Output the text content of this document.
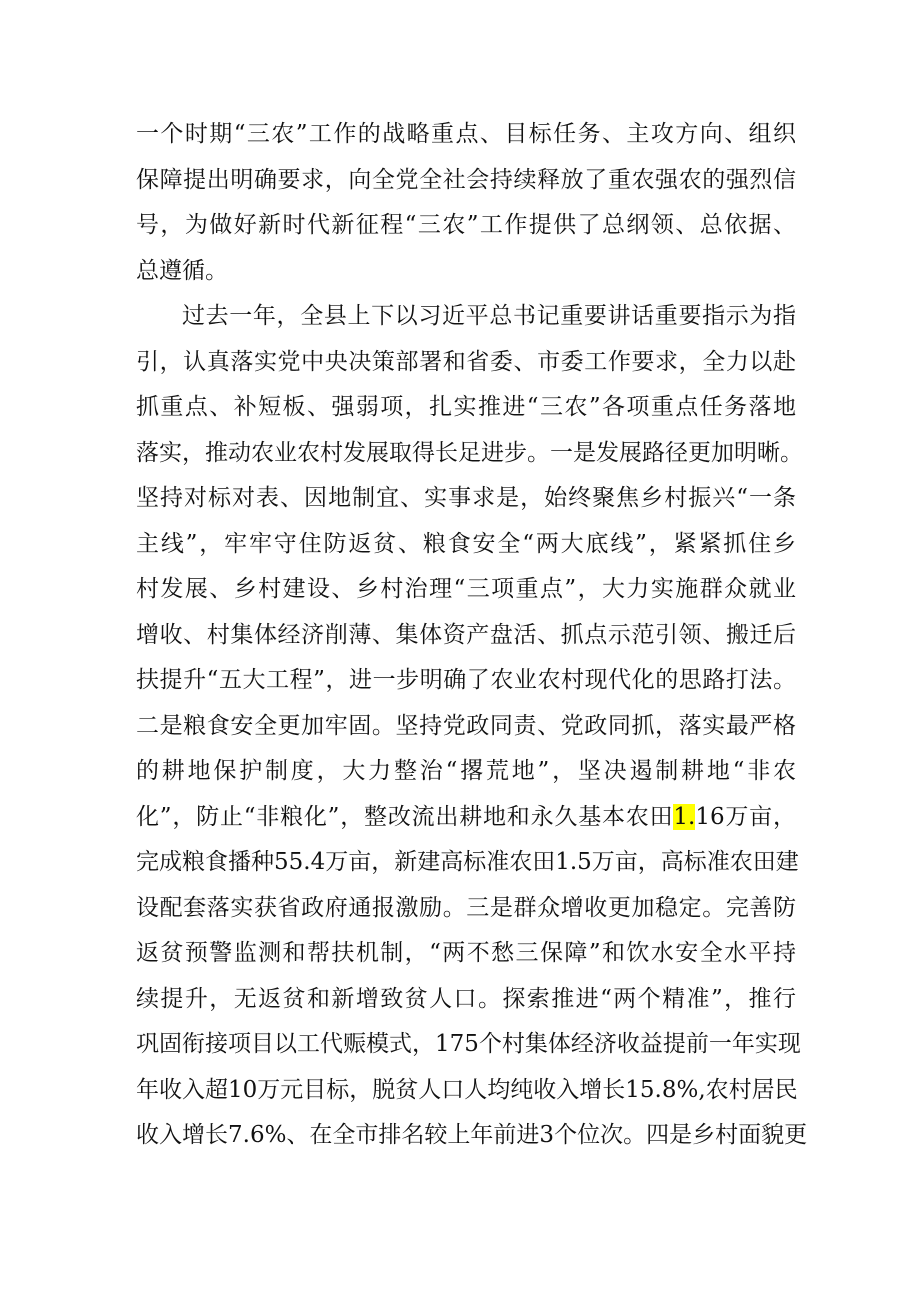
一个时期“三农”工作的战略重点、目标任务、主攻方向、组织
保障提出明确要求，向全党全社会持续释放了重农强农的强烈信
号，为做好新时代新征程“三农”工作提供了总纲领、总依据、
总遵循。
过去一年，全县上下以习近平总书记重要讲话重要指示为指
引，认真落实党中央决策部署和省委、市委工作要求，全力以赴
抓重点、补短板、强弱项，扎实推进“三农”各项重点任务落地
落实，推动农业农村发展取得长足进步。一是发展路径更加明晰。
坚持对标对表、因地制宜、实事求是，始终聚焦乡村振兴“一条
主线”，牢牢守住防返贫、粮食安全“两大底线”，紧紧抓住乡
村发展、乡村建设、乡村治理“三项重点”，大力实施群众就业
增收、村集体经济削薄、集体资产盘活、抓点示范引领、搬迁后
扶提升“五大工程”，进一步明确了农业农村现代化的思路打法。
二是粮食安全更加牢固。坚持党政同责、党政同抓，落实最严格
的耕地保护制度，大力整治“撂荒地”，坚决遏制耕地“非农
化”，防止“非粮化”，整改流出耕地和永久基本农田1.16万亩，
完成粮食播种55.4万亩，新建高标准农田1.5万亩，高标准农田建
设配套落实获省政府通报激励。三是群众增收更加稳定。完善防
返贫预警监测和帮扶机制，“两不愁三保障”和饮水安全水平持
续提升，无返贫和新增致贫人口。探索推进“两个精准”，推行
巩固衔接项目以工代赈模式，175个村集体经济收益提前一年实现
年收入超10万元目标，脱贫人口人均纯收入增长15.8%,农村居民
收入增长7.6%、在全市排名较上年前进3个位次。四是乡村面貌更
